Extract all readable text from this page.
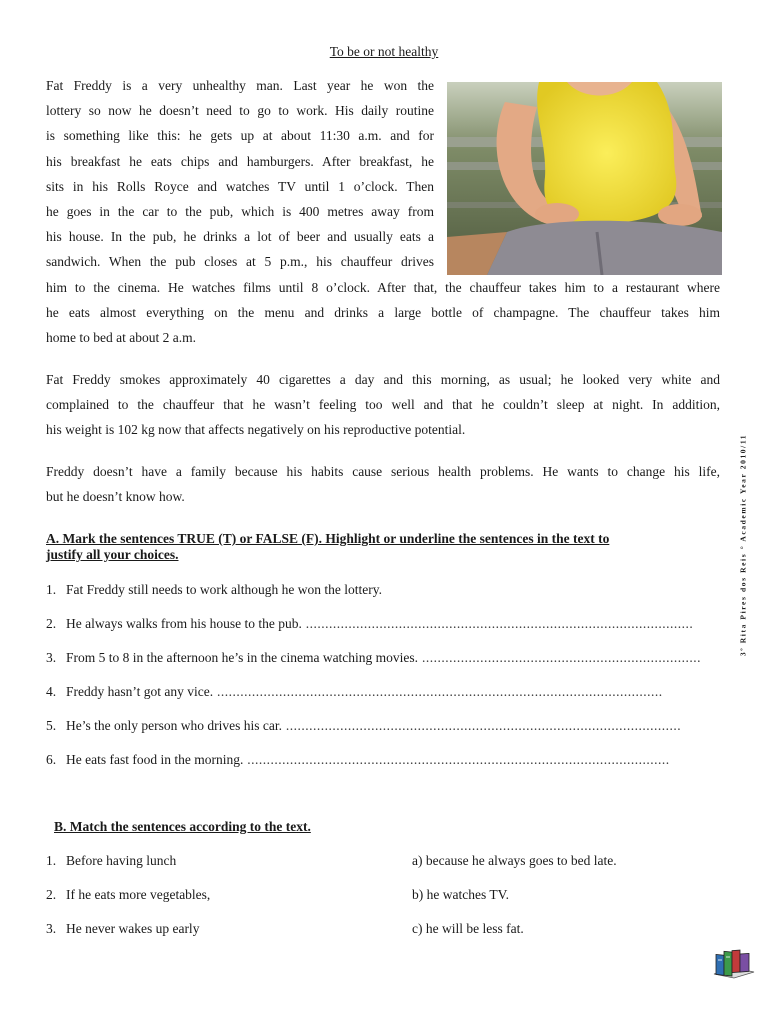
To be or not healthy
Fat Freddy is a very unhealthy man. Last year he won the
lottery so now he doesn’t need to go to work. His daily routine
is something like this: he gets up at about 11:30 a.m. and for
his breakfast he eats chips and hamburgers. After breakfast, he
sits in his Rolls Royce and watches TV until 1 o’clock. Then
he goes in the car to the pub, which is 400 metres away from
his house. In the pub, he drinks a lot of beer and usually eats a
sandwich. When the pub closes at 5 p.m., his chauffeur drives
him to the cinema. He watches films until 8 o’clock. After that, the chauffeur takes him to a restaurant where
he eats almost everything on the menu and drinks a large bottle of champagne. The chauffeur takes him
home to bed at about 2 a.m.
Fat Freddy smokes approximately 40 cigarettes a day and this morning, as usual; he looked very white and
complained to the chauffeur that he wasn’t feeling too well and that he couldn’t sleep at night. In addition,
his weight is 102 kg now that affects negatively on his reproductive potential.
Freddy doesn’t have a family because his habits cause serious health problems. He wants to change his life,
but he doesn’t know how.
A. Mark the sentences TRUE (T) or FALSE (F). Highlight or underline the sentences in the text to
justify all your choices.
1. Fat Freddy still needs to work although he won the lottery.
2. He always walks from his house to the pub. ....................................................................................................
3. From 5 to 8 in the afternoon he’s in the cinema watching movies. ........................................................................
4. Freddy hasn’t got any vice. ...................................................................................................................
5. He’s the only person who drives his car. ......................................................................................................
6. He eats fast food in the morning. .............................................................................................................
B. Match the sentences according to the text.
1. Before having lunch
2. If he eats more vegetables,
3. He never wakes up early
a) because he always goes to bed late.
b) he watches TV.
c) he will be less fat.
3º Rita Pires dos Reis ° Academic Year 2010/11
